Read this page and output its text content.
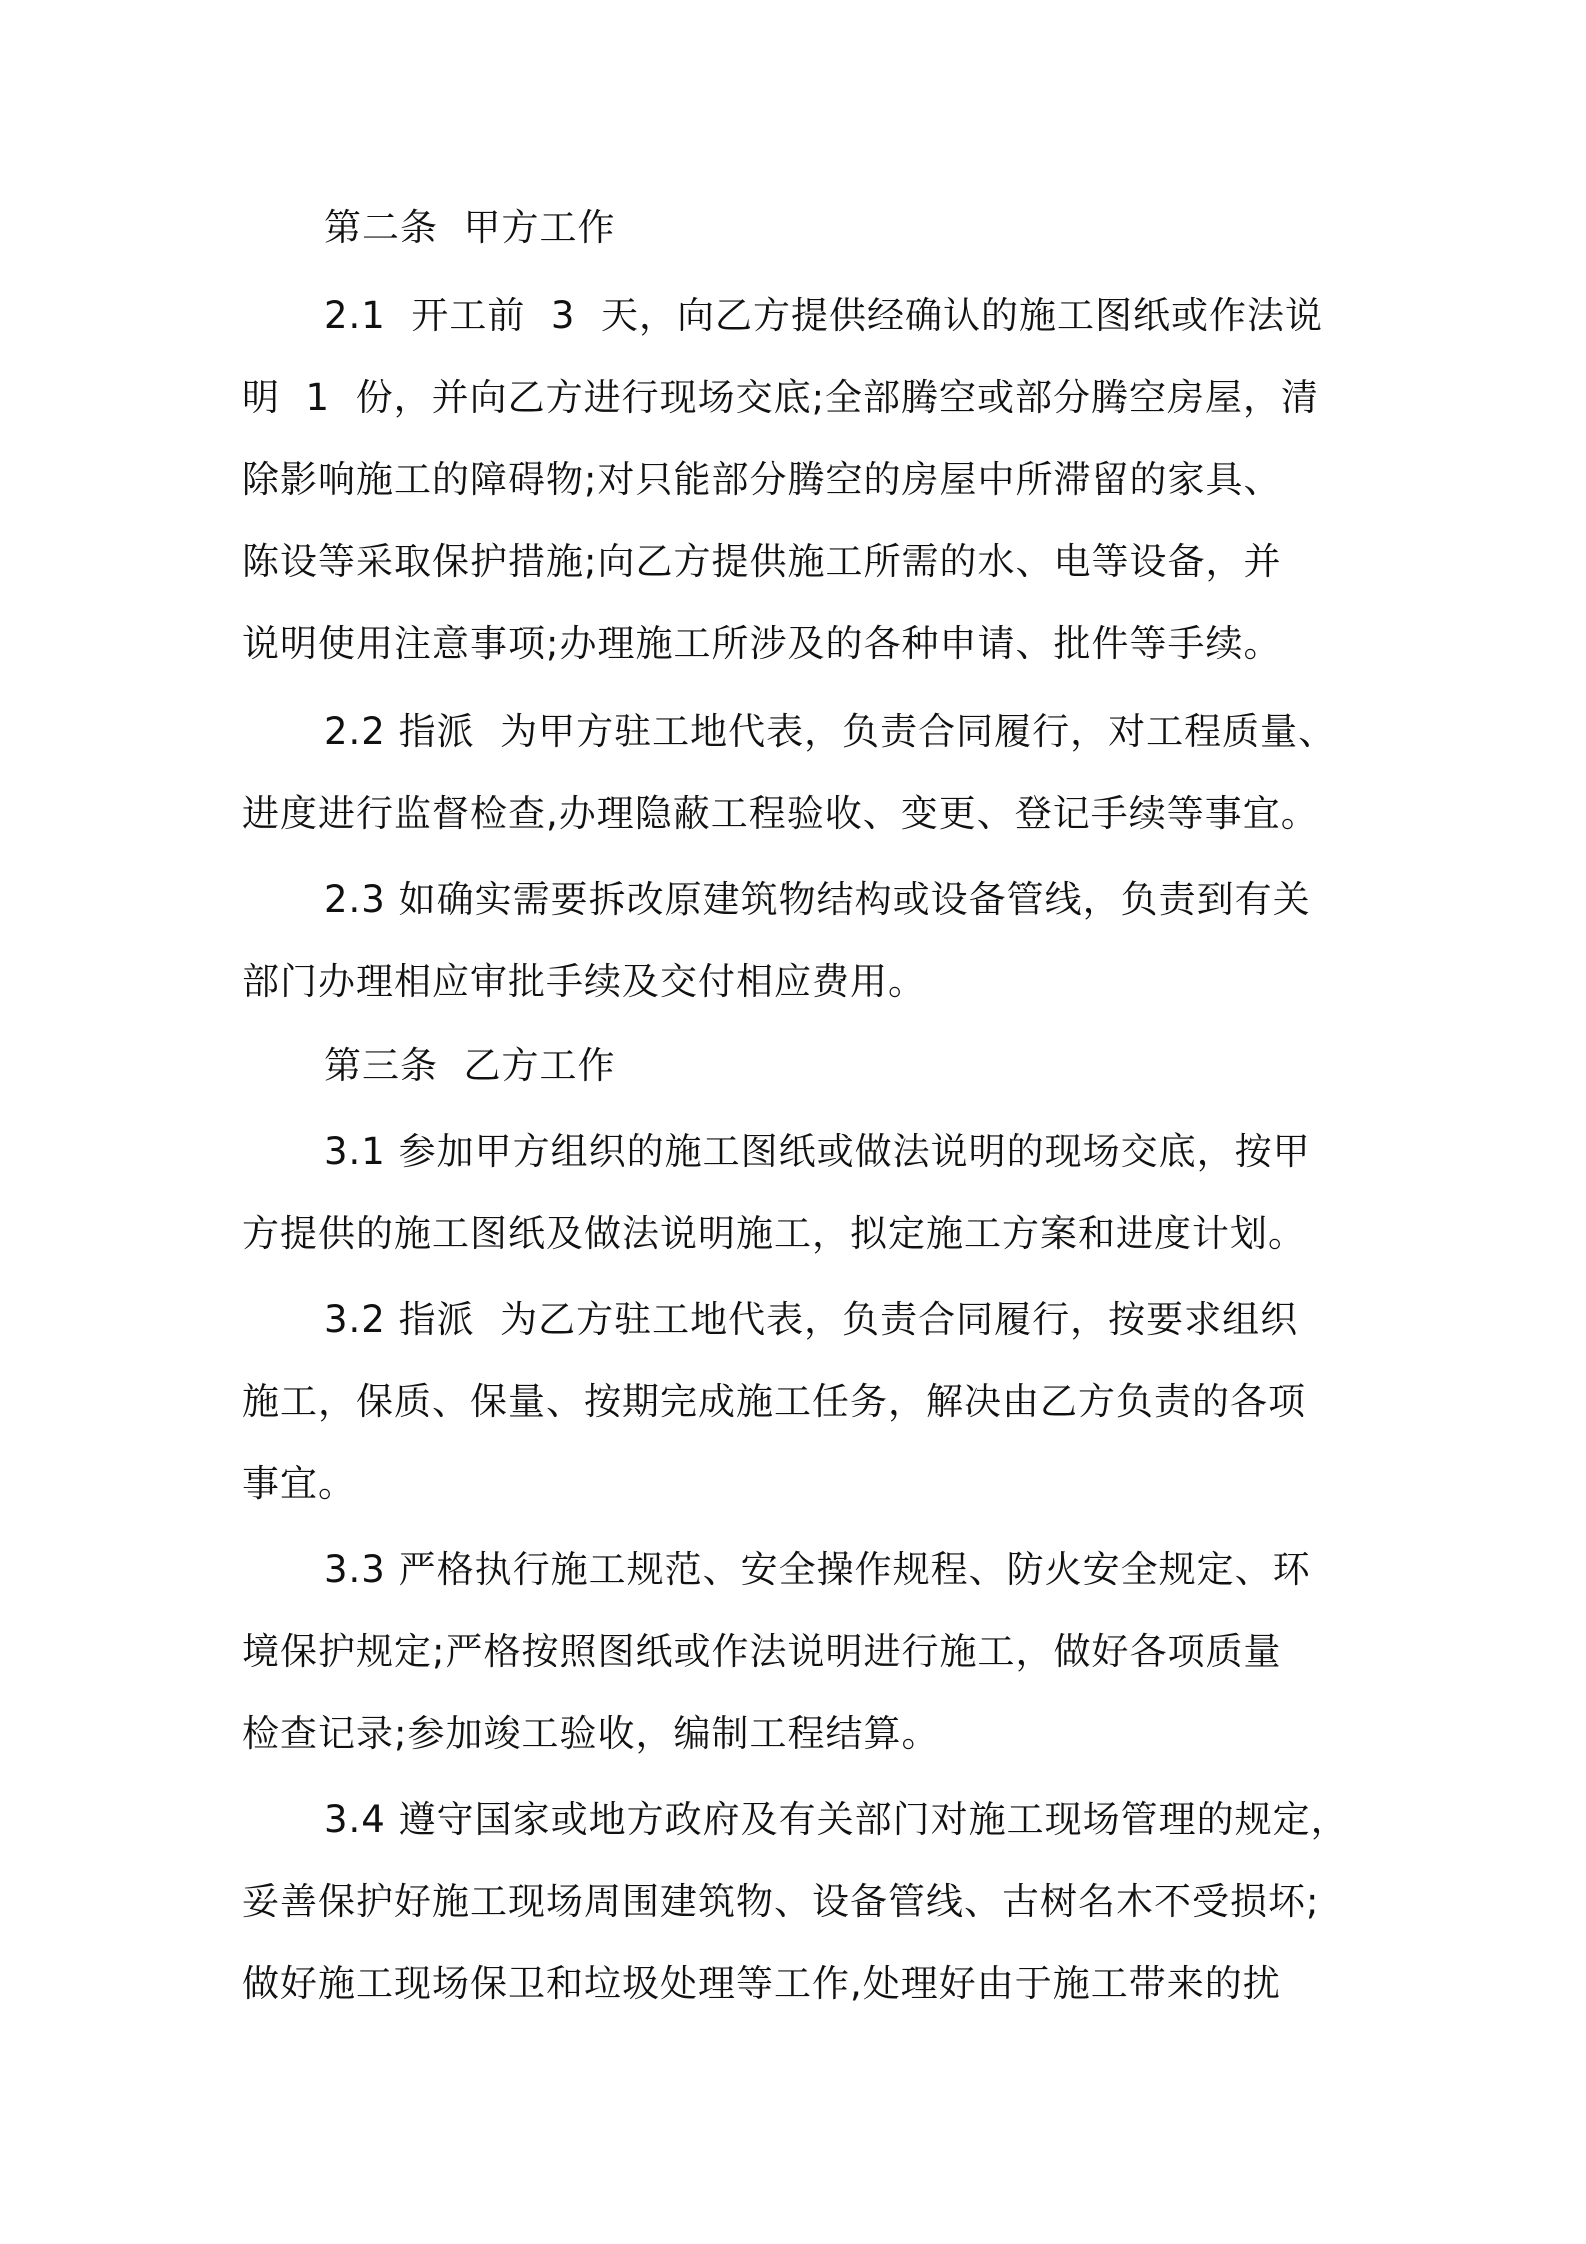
第二条  甲方工作

2.1  开工前  3  天，向乙方提供经确认的施工图纸或作法说

明  1  份，并向乙方进行现场交底;全部腾空或部分腾空房屋，清

除影响施工的障碍物;对只能部分腾空的房屋中所滞留的家具、

陈设等采取保护措施;向乙方提供施工所需的水、电等设备，并

说明使用注意事项;办理施工所涉及的各种申请、批件等手续。

2.2 指派  为甲方驻工地代表，负责合同履行，对工程质量、

进度进行监督检查,办理隐蔽工程验收、变更、登记手续等事宜。

2.3 如确实需要拆改原建筑物结构或设备管线，负责到有关

部门办理相应审批手续及交付相应费用。

第三条  乙方工作

3.1 参加甲方组织的施工图纸或做法说明的现场交底，按甲

方提供的施工图纸及做法说明施工，拟定施工方案和进度计划。

3.2 指派  为乙方驻工地代表，负责合同履行，按要求组织

施工，保质、保量、按期完成施工任务，解决由乙方负责的各项

事宜。

3.3 严格执行施工规范、安全操作规程、防火安全规定、环

境保护规定;严格按照图纸或作法说明进行施工，做好各项质量

检查记录;参加竣工验收，编制工程结算。

3.4 遵守国家或地方政府及有关部门对施工现场管理的规定，

妥善保护好施工现场周围建筑物、设备管线、古树名木不受损坏;

做好施工现场保卫和垃圾处理等工作,处理好由于施工带来的扰
